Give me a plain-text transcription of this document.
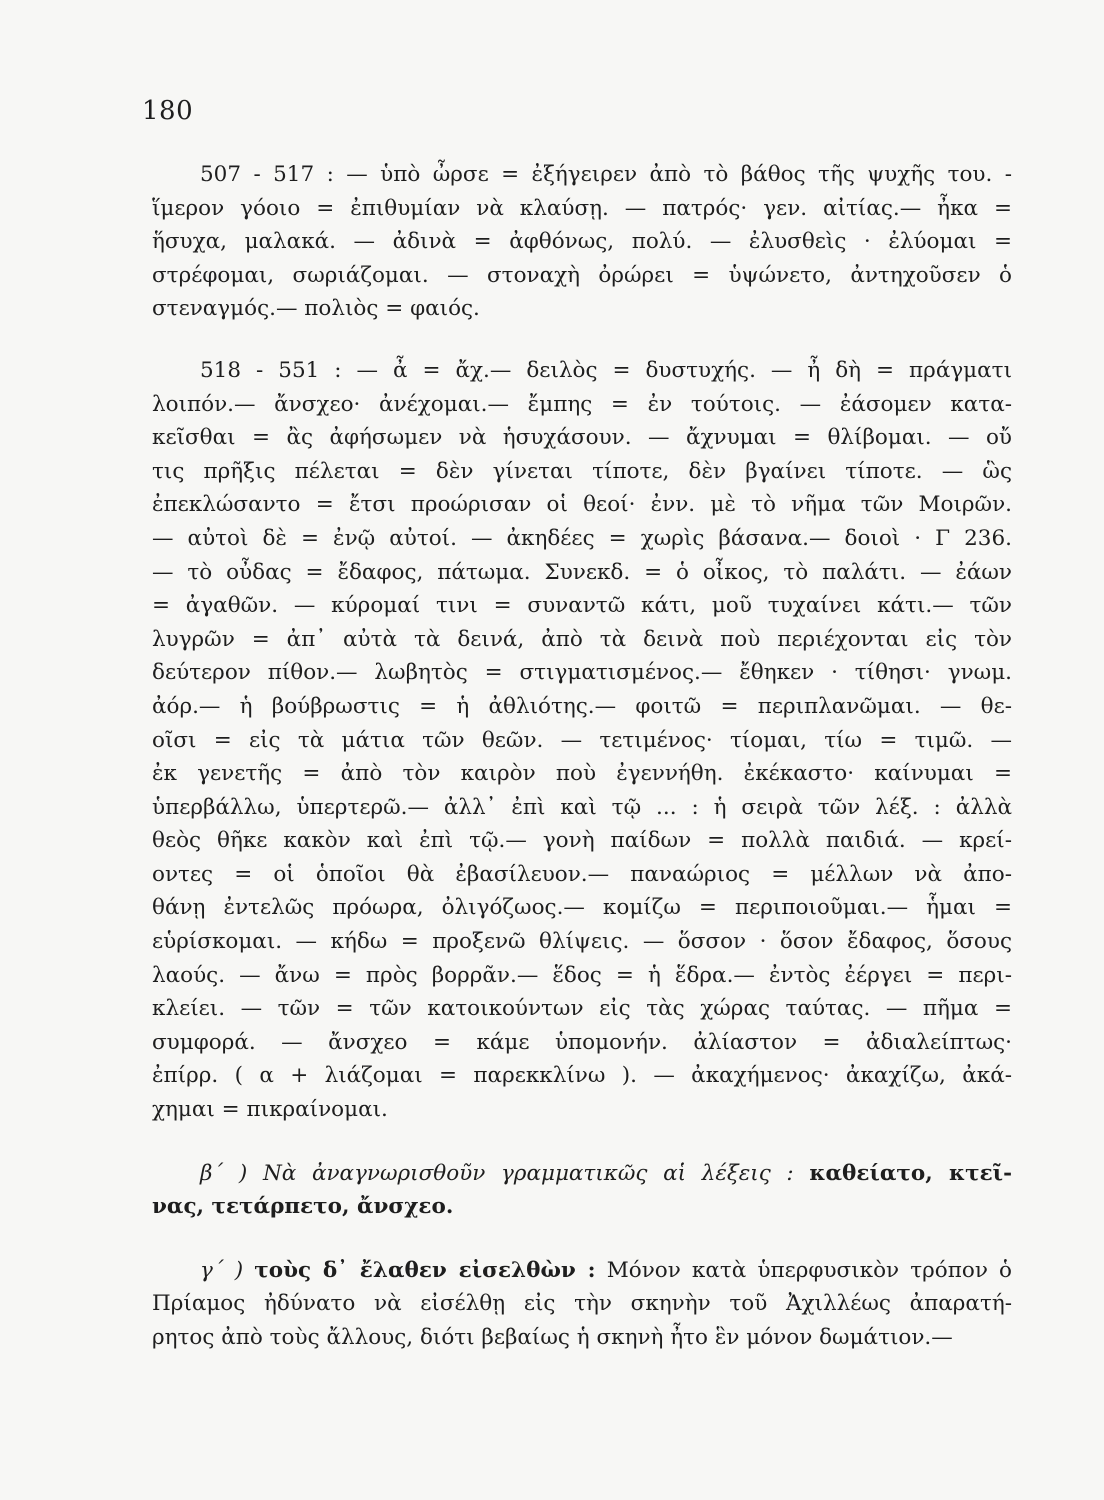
180
507 - 517 : — ὑπὸ ὦρσε = ἐξήγειρεν ἀπὸ τὸ βάθος τῆς ψυχῆς του. -
ἵμερον γόοιο = ἐπιθυμίαν νὰ κλαύσῃ. — πατρός· γεν. αἰτίας.— ἦκα =
ἥσυχα, μαλακά. — ἀδινὰ = ἀφθόνως, πολύ. — ἐλυσθεὶς · ἐλύομαι =
στρέφομαι, σωριάζομαι. — στοναχὴ ὀρώρει = ὑψώνετο, ἀντηχοῦσεν ὁ
στεναγμός.— πολιὸς = φαιός.
518 - 551 : — ἆ = ἄχ.— δειλὸς = δυστυχής. — ἦ δὴ = πράγματι
λοιπόν.— ἄνσχεο· ἀνέχομαι.— ἔμπης = ἐν τούτοις. — ἐάσομεν κατα-
κεῖσθαι = ἂς ἀφήσωμεν νὰ ἡσυχάσουν. — ἄχνυμαι = θλίβομαι. — οὔ
τις πρῆξις πέλεται = δὲν γίνεται τίποτε, δὲν βγαίνει τίποτε. — ὣς
ἐπεκλώσαντο = ἔτσι προώρισαν οἱ θεοί· ἐνν. μὲ τὸ νῆμα τῶν Μοιρῶν.
— αὐτοὶ δὲ = ἐνῷ αὐτοί. — ἀκηδέες = χωρὶς βάσανα.— δοιοὶ · Γ 236.
— τὸ οὖδας = ἔδαφος, πάτωμα. Συνεκδ. = ὁ οἶκος, τὸ παλάτι. — ἐάων
= ἀγαθῶν. — κύρομαί τινι = συναντῶ κάτι, μοῦ τυχαίνει κάτι.— τῶν
λυγρῶν = ἀπ᾽ αὐτὰ τὰ δεινά, ἀπὸ τὰ δεινὰ ποὺ περιέχονται εἰς τὸν
δεύτερον πίθον.— λωβητὸς = στιγματισμένος.— ἔθηκεν · τίθησι· γνωμ.
ἀόρ.— ἡ βούβρωστις = ἡ ἀθλιότης.— φοιτῶ = περιπλανῶμαι. — θε-
οῖσι = εἰς τὰ μάτια τῶν θεῶν. — τετιμένος· τίομαι, τίω = τιμῶ. —
ἐκ γενετῆς = ἀπὸ τὸν καιρὸν ποὺ ἐγεννήθη. ἐκέκαστο· καίνυμαι =
ὑπερβάλλω, ὑπερτερῶ.— ἀλλ᾽ ἐπὶ καὶ τῷ ... : ἡ σειρὰ τῶν λέξ. : ἀλλὰ
θεὸς θῆκε κακὸν καὶ ἐπὶ τῷ.— γονὴ παίδων = πολλὰ παιδιά. — κρεί-
οντες = οἱ ὁποῖοι θὰ ἐβασίλευον.— παναώριος = μέλλων νὰ ἀπο-
θάνῃ ἐντελῶς πρόωρα, ὀλιγόζωος.— κομίζω = περιποιοῦμαι.— ἧμαι =
εὑρίσκομαι. — κήδω = προξενῶ θλίψεις. — ὅσσον · ὅσον ἔδαφος, ὅσους
λαούς. — ἄνω = πρὸς βορρᾶν.— ἕδος = ἡ ἕδρα.— ἐντὸς ἐέργει = περι-
κλείει. — τῶν = τῶν κατοικούντων εἰς τὰς χώρας ταύτας. — πῆμα =
συμφορά. — ἄνσχεο = κάμε ὑπομονήν. ἀλίαστον = ἀδιαλείπτως·
ἐπίρρ. ( α + λιάζομαι = παρεκκλίνω ). — ἀκαχήμενος· ἀκαχίζω, ἀκά-
χημαι = πικραίνομαι.
β΄ ) Νὰ ἀναγνωρισθοῦν γραμματικῶς αἱ λέξεις : καθείατο, κτεῖ-
νας, τετάρπετο, ἄνσχεο.
γ΄ ) τοὺς δ᾽ ἔλαθεν εἰσελθὼν : Μόνον κατὰ ὑπερφυσικὸν τρόπον ὁ
Πρίαμος ἠδύνατο νὰ εἰσέλθῃ εἰς τὴν σκηνὴν τοῦ Ἀχιλλέως ἀπαρατή-
ρητος ἀπὸ τοὺς ἄλλους, διότι βεβαίως ἡ σκηνὴ ἦτο ἓν μόνον δωμάτιον.—
